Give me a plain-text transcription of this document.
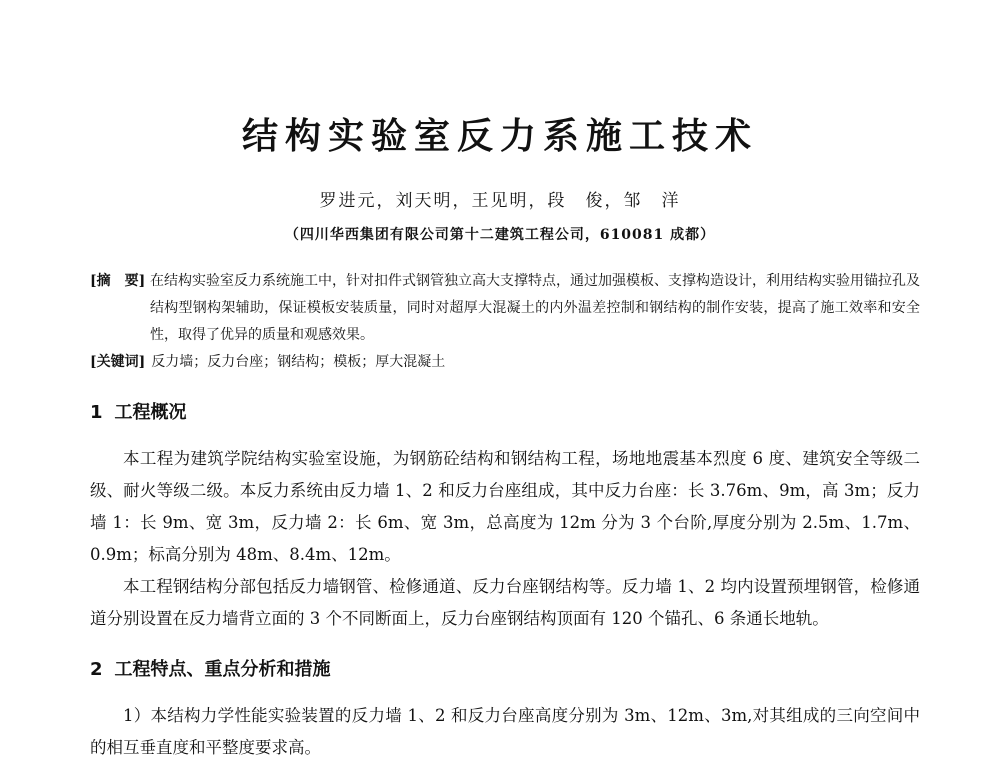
结构实验室反力系施工技术
罗进元，刘天明，王见明，段　俊，邹　洋
（四川华西集团有限公司第十二建筑工程公司，610081 成都）
[摘　要] 在结构实验室反力系统施工中，针对扣件式钢管独立高大支撑特点，通过加强模板、支撑构造设计，利用结构实验用锚拉孔及结构型钢构架辅助，保证模板安装质量，同时对超厚大混凝土的内外温差控制和钢结构的制作安装，提高了施工效率和安全性，取得了优异的质量和观感效果。
[关键词] 反力墙；反力台座；钢结构；模板；厚大混凝土
1 工程概况

本工程为建筑学院结构实验室设施，为钢筋砼结构和钢结构工程，场地地震基本烈度 6 度、建筑安全等级二级、耐火等级二级。本反力系统由反力墙 1、2 和反力台座组成，其中反力台座：长 3.76m、9m，高 3m；反力墙 1：长 9m、宽 3m，反力墙 2：长 6m、宽 3m，总高度为 12m 分为 3 个台阶,厚度分别为 2.5m、1.7m、0.9m；标高分别为 48m、8.4m、12m。

本工程钢结构分部包括反力墙钢管、检修通道、反力台座钢结构等。反力墙 1、2 均内设置预埋钢管，检修通道分别设置在反力墙背立面的 3 个不同断面上，反力台座钢结构顶面有 120 个锚孔、6 条通长地轨。

2 工程特点、重点分析和措施

1）本结构力学性能实验装置的反力墙 1、2 和反力台座高度分别为 3m、12m、3m,对其组成的三向空间中的相互垂直度和平整度要求高。
